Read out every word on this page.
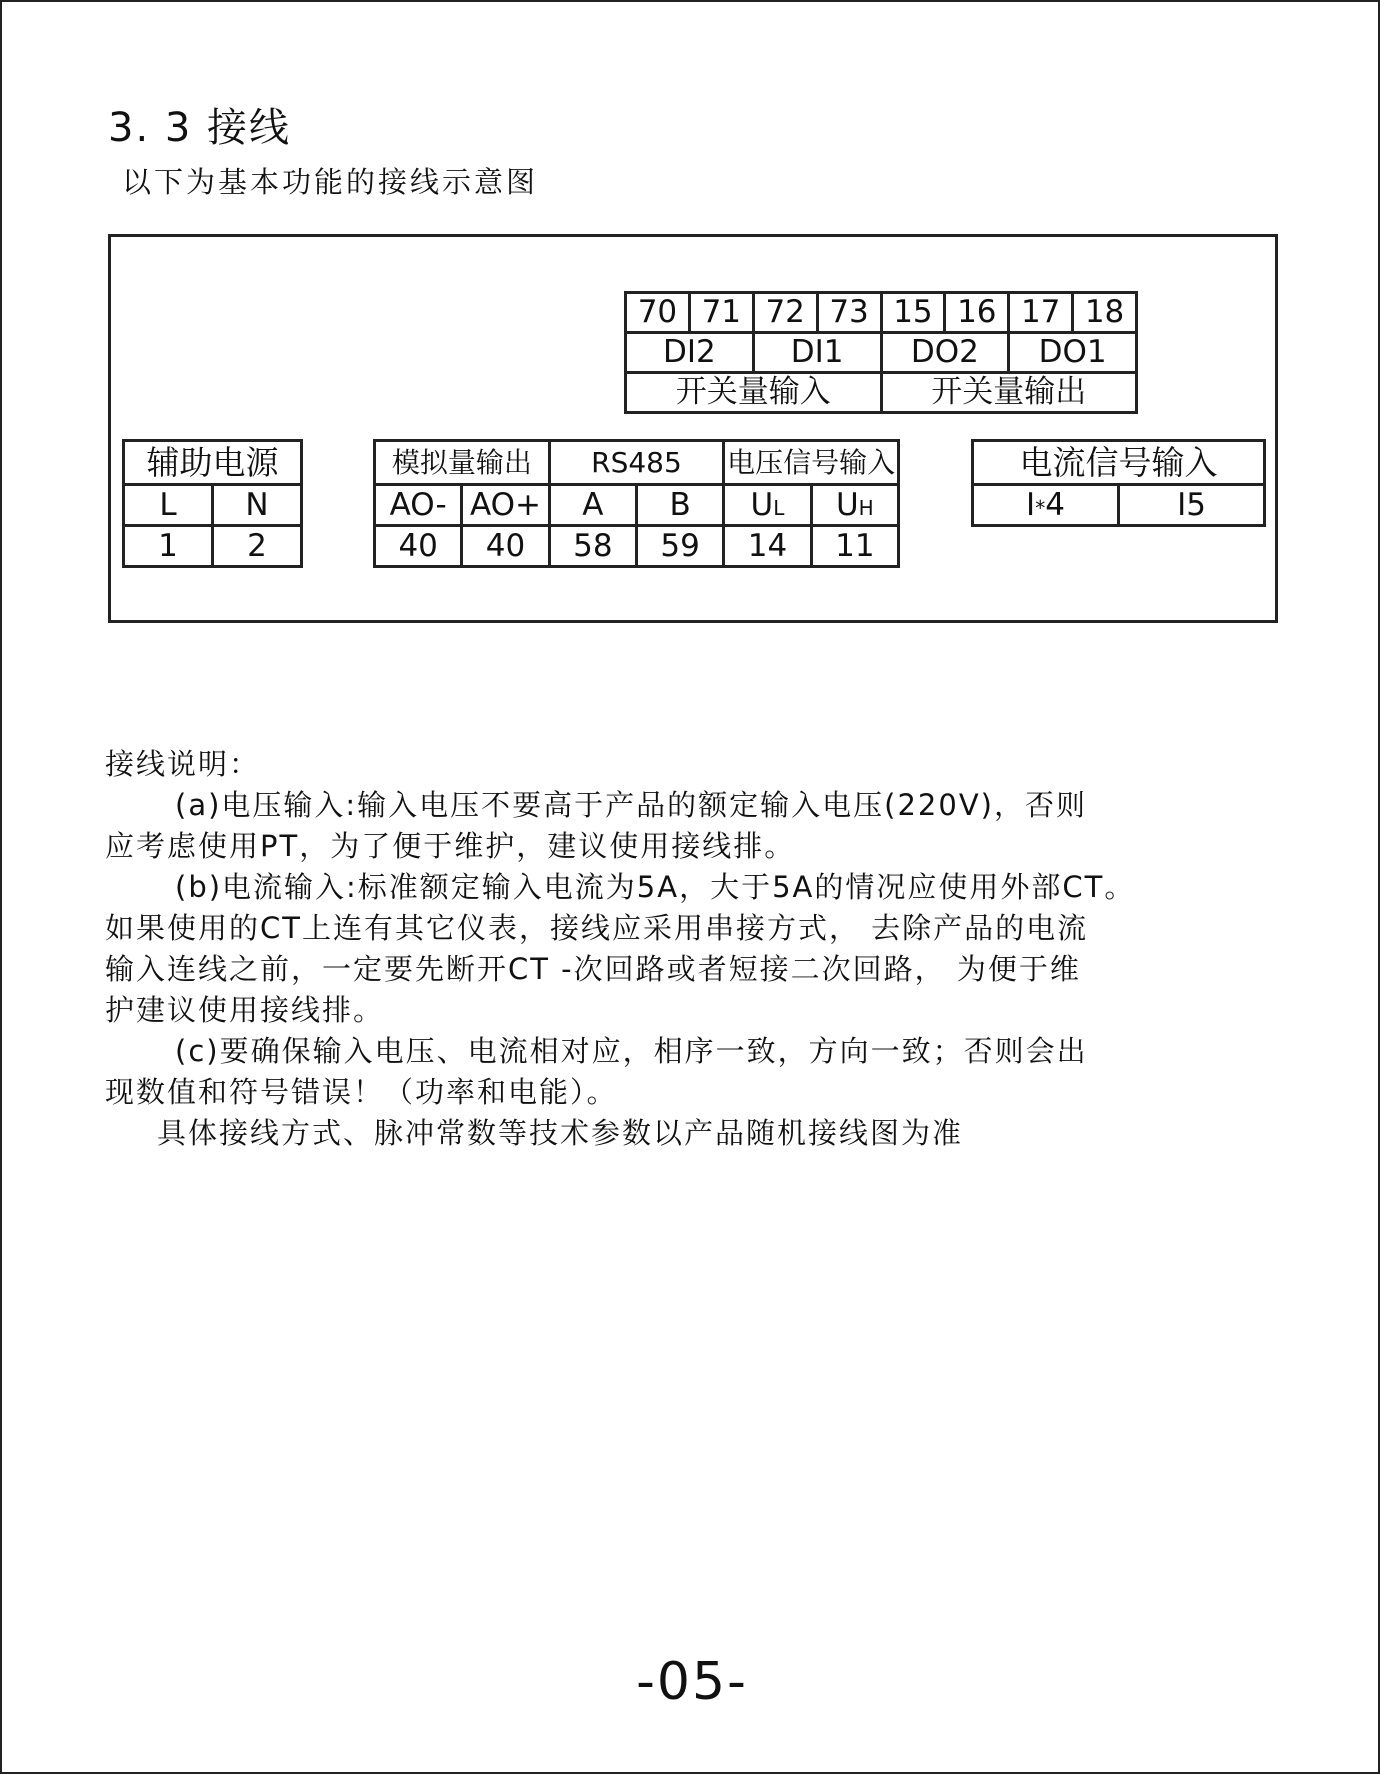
3. 3 接线
以下为基本功能的接线示意图
70	71	72	73	15	16	17	18
DI2		DI1		DO2		DO1	
开关量输入				开关量输出			
辅助电源	
L	N
1	2
模拟量输出		RS485		电压信号输入	
AO-	AO+	A	B	UL	UH
40	40	58	59	14	11
电流信号输入
I*4	I5

接线说明：

(a)电压输入:输入电压不要高于产品的额定输入电压(220V)，否则

应考虑使用PT，为了便于维护，建议使用接线排。

(b)电流输入:标准额定输入电流为5A，大于5A的情况应使用外部CT。

如果使用的CT上连有其它仪表，接线应采用串接方式， 去除产品的电流

输入连线之前，一定要先断开CT -次回路或者短接二次回路， 为便于维

护建议使用接线排。

(c)要确保输入电压、电流相对应，相序一致，方向一致；否则会出

现数值和符号错误！（功率和电能）。

具体接线方式、脉冲常数等技术参数以产品随机接线图为准

-05-
